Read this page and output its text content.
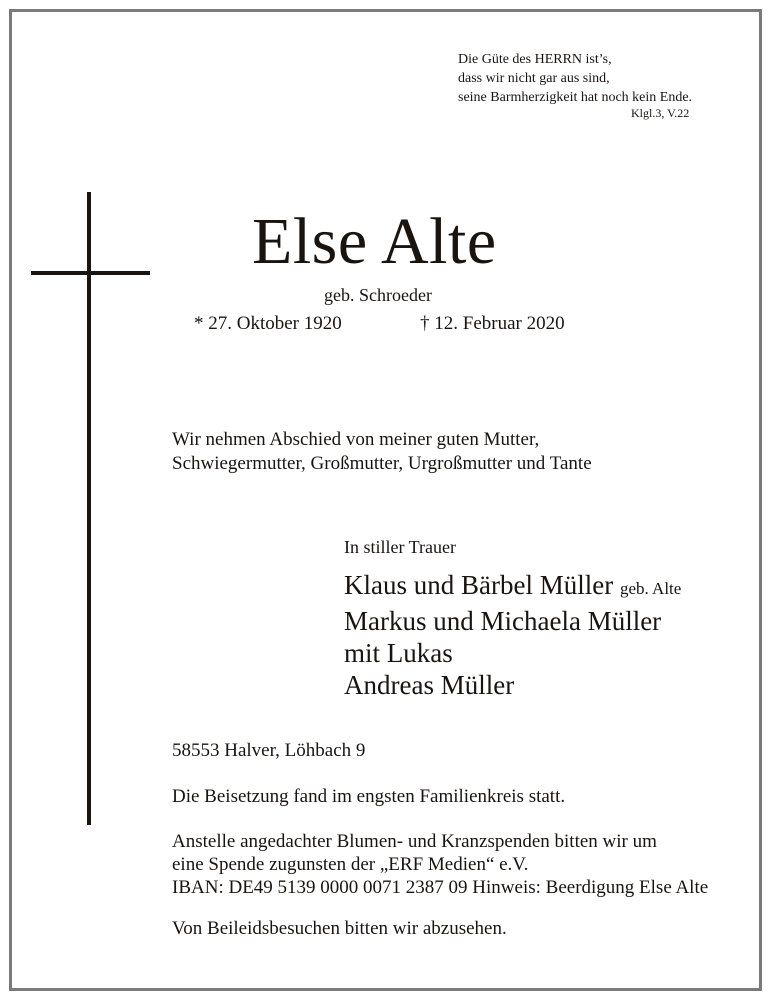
Die Güte des HERRN ist’s,
dass wir nicht gar aus sind,
seine Barmherzigkeit hat noch kein Ende.
Klgl.3, V.22
Else Alte
geb. Schroeder
* 27. Oktober 1920	† 12. Februar 2020
Wir nehmen Abschied von meiner guten Mutter,
Schwiegermutter, Großmutter, Urgroßmutter und Tante
In stiller Trauer
Klaus und Bärbel Müller geb. Alte
Markus und Michaela Müller
mit Lukas
Andreas Müller
58553 Halver, Löhbach 9
Die Beisetzung fand im engsten Familienkreis statt.
Anstelle angedachter Blumen- und Kranzspenden bitten wir um
eine Spende zugunsten der „ERF Medien“ e.V.
IBAN: DE49 5139 0000 0071 2387 09 Hinweis: Beerdigung Else Alte
Von Beileidsbesuchen bitten wir abzusehen.
